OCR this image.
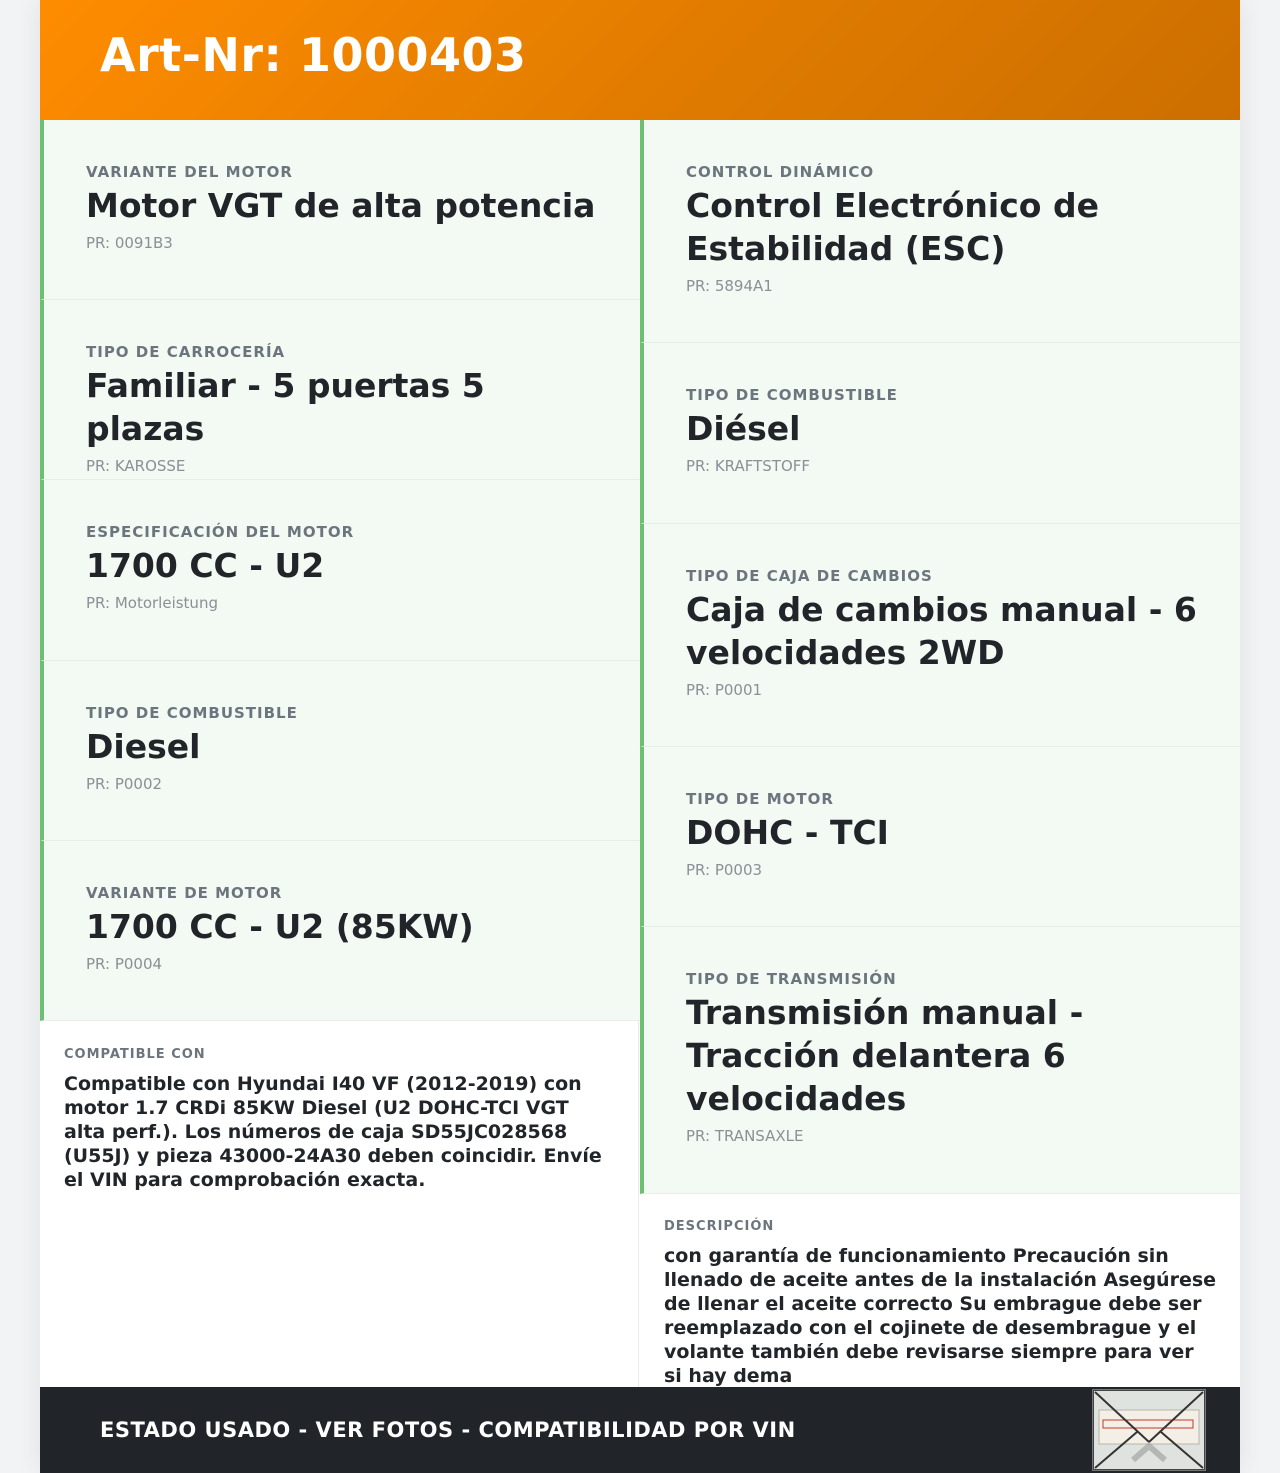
Art-Nr: 1000403

VARIANTE DEL MOTOR

Motor VGT de alta potencia

PR: 0091B3

TIPO DE CARROCERÍA

Familiar - 5 puertas 5 plazas

PR: KAROSSE

ESPECIFICACIÓN DEL MOTOR

1700 CC - U2

PR: Motorleistung

TIPO DE COMBUSTIBLE

Diesel

PR: P0002

VARIANTE DE MOTOR

1700 CC - U2 (85KW)

PR: P0004

CONTROL DINÁMICO

Control Electrónico de Estabilidad (ESC)

PR: 5894A1

TIPO DE COMBUSTIBLE

Diésel

PR: KRAFTSTOFF

TIPO DE CAJA DE CAMBIOS

Caja de cambios manual - 6 velocidades 2WD

PR: P0001

TIPO DE MOTOR

DOHC - TCI

PR: P0003

TIPO DE TRANSMISIÓN

Transmisión manual - Tracción delantera 6 velocidades

PR: TRANSAXLE

COMPATIBLE CON

Compatible con Hyundai I40 VF (2012-2019) con motor 1.7 CRDi 85KW Diesel (U2 DOHC-TCI VGT alta perf.). Los números de caja SD55JC028568 (U55J) y pieza 43000-24A30 deben coincidir. Envíe el VIN para comprobación exacta.

DESCRIPCIÓN

con garantía de funcionamiento Precaución sin llenado de aceite antes de la instalación Asegúrese de llenar el aceite correcto Su embrague debe ser reemplazado con el cojinete de desembrague y el volante también debe revisarse siempre para ver si hay dema

ESTADO USADO - VER FOTOS - COMPATIBILIDAD POR VIN
